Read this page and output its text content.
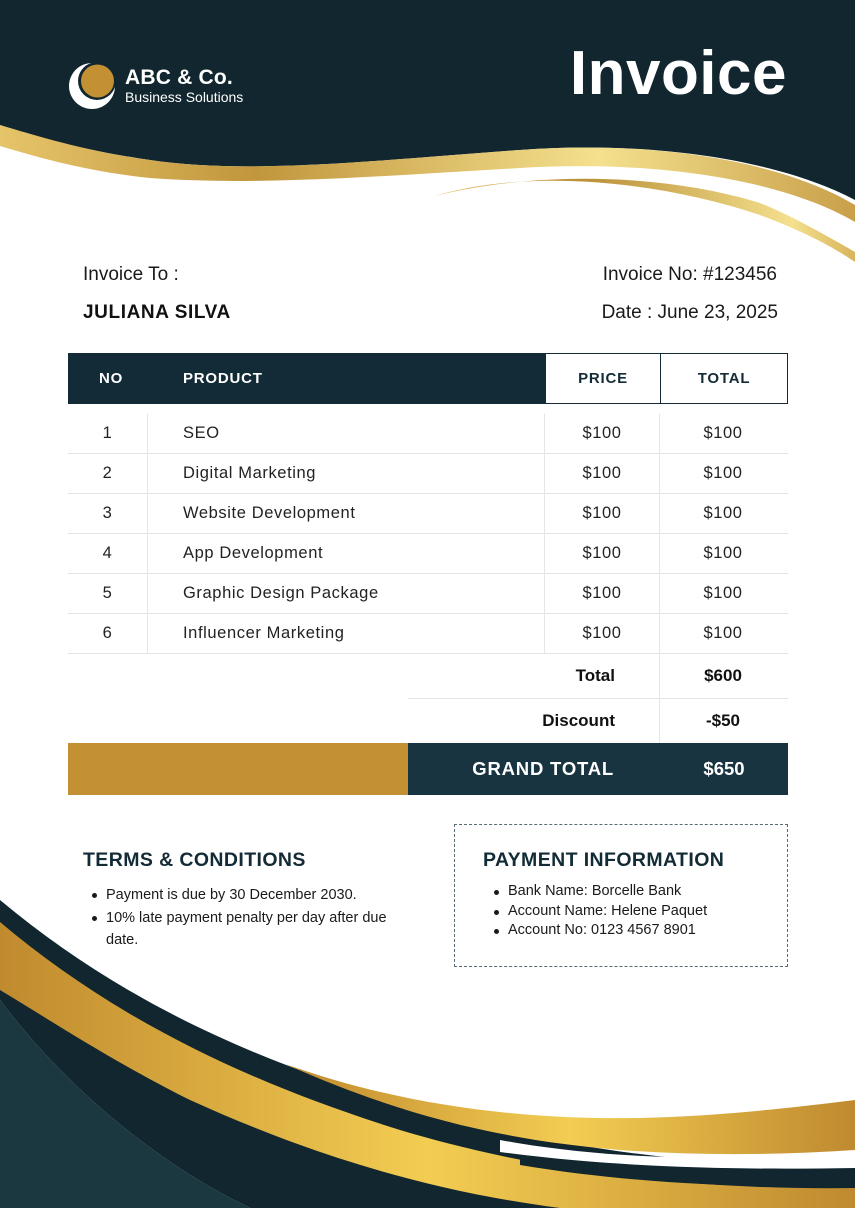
ABC & Co.
Business Solutions	Invoice
Invoice To :
JULIANA SILVA
Invoice No: #123456
Date : June 23, 2025
NO	PRODUCT	PRICE	TOTAL
1	SEO	$100	$100
2	Digital Marketing	$100	$100
3	Website Development	$100	$100
4	App Development	$100	$100
5	Graphic Design Package	$100	$100
6	Influencer Marketing	$100	$100
Total	$600
Discount	-$50
GRAND TOTAL	$650
TERMS & CONDITIONS
Payment is due by 30 December 2030.
10% late payment penalty per day after due date.
PAYMENT INFORMATION
Bank Name: Borcelle Bank
Account Name: Helene Paquet
Account No: 0123 4567 8901
